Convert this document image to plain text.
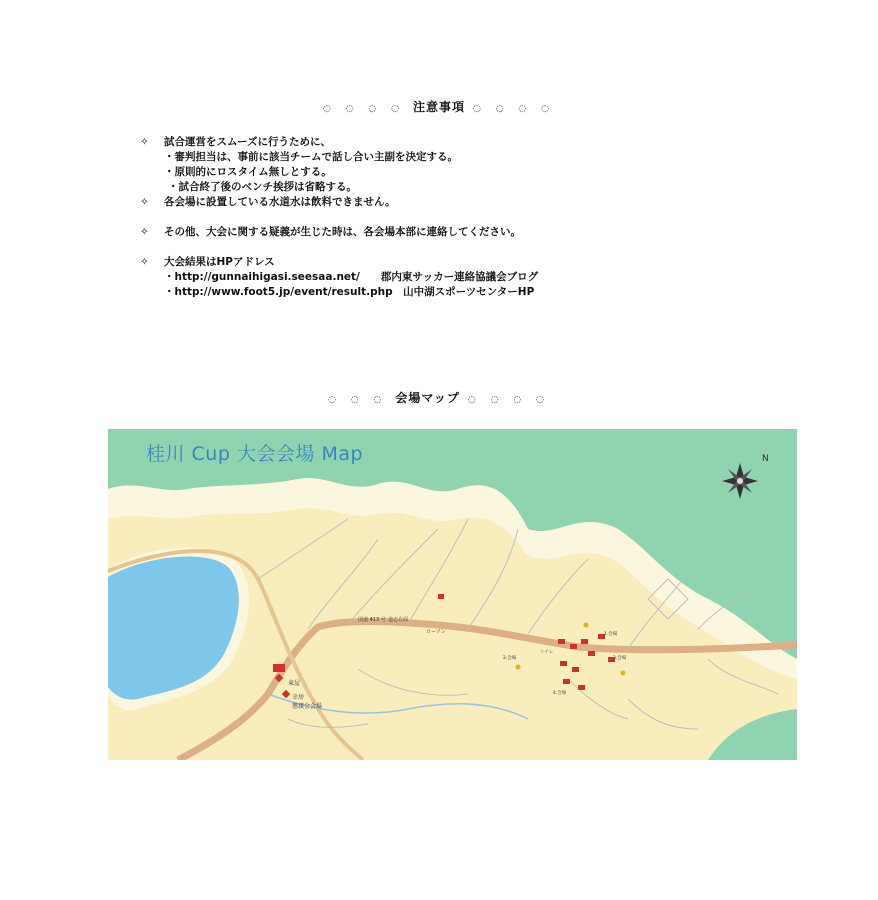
◌ ◌ ◌ ◌ 注意事項 ◌ ◌ ◌ ◌
✧ 試合運営をスムーズに行うために、
・審判担当は、事前に該当チームで話し合い主副を決定する。
・原則的にロスタイム無しとする。
・試合終了後のベンチ挨拶は省略する。
✧ 各会場に設置している水道水は飲料できません。
✧ その他、大会に関する疑義が生じた時は、各会場本部に連絡してください。
✧ 大会結果はHPアドレス
・http://gunnaihigasi.seesaa.net/　　郡内東サッカー連絡協議会ブログ
・http://www.foot5.jp/event/result.php　山中湖スポーツセンターHP
◌ ◌ ◌ 会場マップ ◌ ◌ ◌ ◌
国道 413 号 道志方面
ローソン
東屋
幸房
懇親会会場
トイレ
1.会場
2.会場	3.会場
4.会場
N
桂川 Cup 大会会場 Map
